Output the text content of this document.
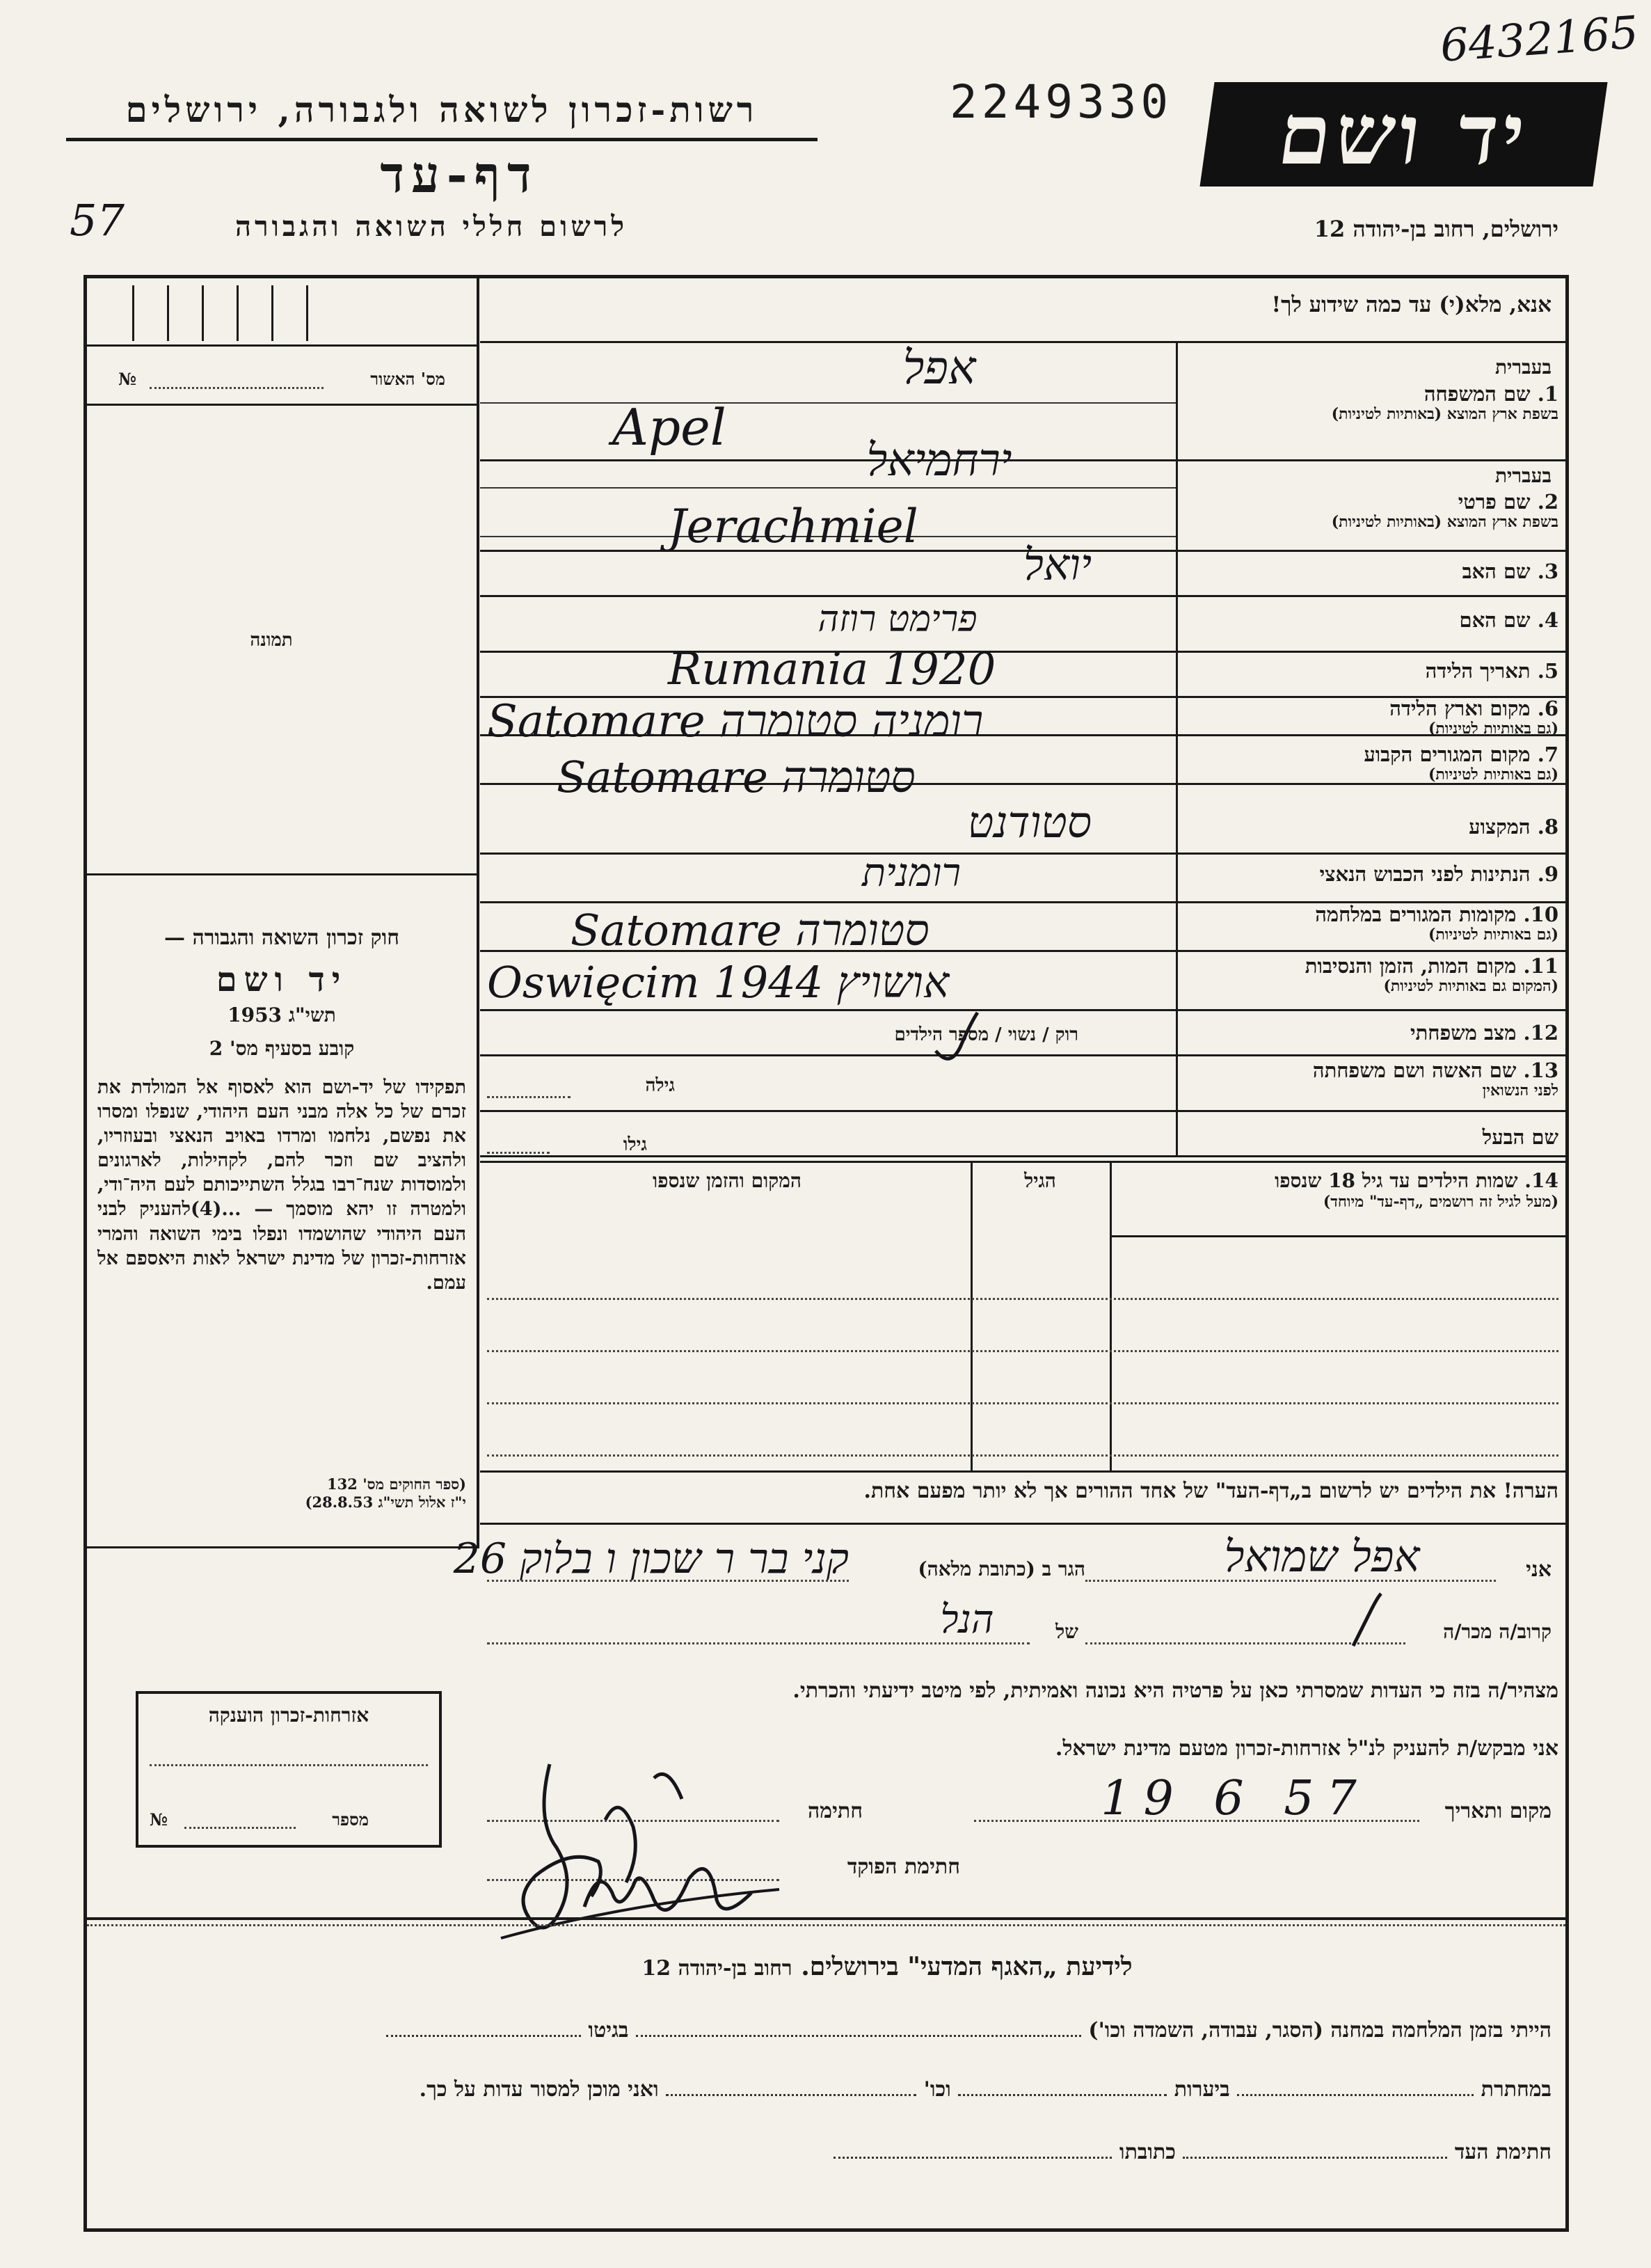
6432165
רשות-זכרון לשואה ולגבורה, ירושלים	2249330	יד ושם
דף-עד
57	לרשום חללי השואה והגבורה	ירושלים, רחוב בן-יהודה 12
אנא, מלא(י) עד כמה שידוע לך!
מס' האשור
№
תמונה
חוק זכרון השואה והגבורה —
יד ושם
תשי"ג 1953
קובע בסעיף מס' 2
תפקידו של יד-ושם הוא לאסוף אל המולדת את זכרם של כל אלה מבני העם היהודי, שנפלו ומסרו את נפשם, נלחמו ומרדו באויב הנאצי ובעוזריו, ולהציב שם וזכר להם, לקהילות, לארגונים ולמוסדות שנח־רבו בגלל השתייכותם לעם היה־ודי, ולמטרה זו יהא מוסמך — ...(4)להעניק לבני העם היהודי שהושמדו ונפלו בימי השואה והמרי אזרחות-זכרון של מדינת ישראל לאות היאספם אל עמם.
(ספר החוקים מס' 132
י"ז אלול תשי"ג 28.8.53)
בעברית
1. שם המשפחה
בשפת ארץ המוצא (באותיות לטיניות)
אפל
Apel
בעברית
2. שם פרטי
בשפת ארץ המוצא (באותיות לטיניות)
ירחמיאל
Jerachmiel
3. שם האב
יואל
4. שם האם
פרימט רוזה
5. תאריך הלידה
Rumania 1920
6. מקום וארץ הלידה
(גם באותיות לטיניות)
Satomare רומניה סטומרה
7. מקום המגורים הקבוע
(גם באותיות לטיניות)
Satomare סטומרה
8. המקצוע
סטודנט
9. הנתינות לפני הכבוש הנאצי
רומנית
10. מקומות המגורים במלחמה
(גם באותיות לטיניות)
Satomare סטומרה
11. מקום המות, הזמן והנסיבות
(המקום גם באותיות לטיניות)
Oswięcim אושויץ 1944
12. מצב משפחתי
רוק / נשוי / מספר הילדים
13. שם האשה ושם משפחתה
לפני הנשואין
גילה
שם הבעל
גילו
14. שמות הילדים עד גיל 18 שנספו
(מעל לגיל זה רושמים „דף-עד" מיוחד)
הגיל
המקום והזמן שנספו
הערה! את הילדים יש לרשום ב„דף-העד" של אחד ההורים אך לא יותר מפעם אחת.
אני
אפל שמואל
הגר ב (כתובת מלאה)
קני בר ר שכון ו בלוק 26
קרוב/ה מכר/ה
של
הנל
מצהיר/ה בזה כי העדות שמסרתי כאן על פרטיה היא נכונה ואמיתית, לפי מיטב ידיעתי והכרתי.
אני מבקש/ת להעניק לנ"ל אזרחות-זכרון מטעם מדינת ישראל.
מקום ותאריך
19 6 57
חתימה
חתימת הפוקד
אזרחות-זכרון הוענקה
מספר
№
לידיעת „האגף המדעי" בירושלים. רחוב בן-יהודה 12
הייתי בזמן המלחמה במחנה (הסגר, עבודה, השמדה וכו')  בגיטו
במחתרת  ביערות  וכו'  ואני מוכן למסור עדות על כך.
חתימת העד  כתובתו
